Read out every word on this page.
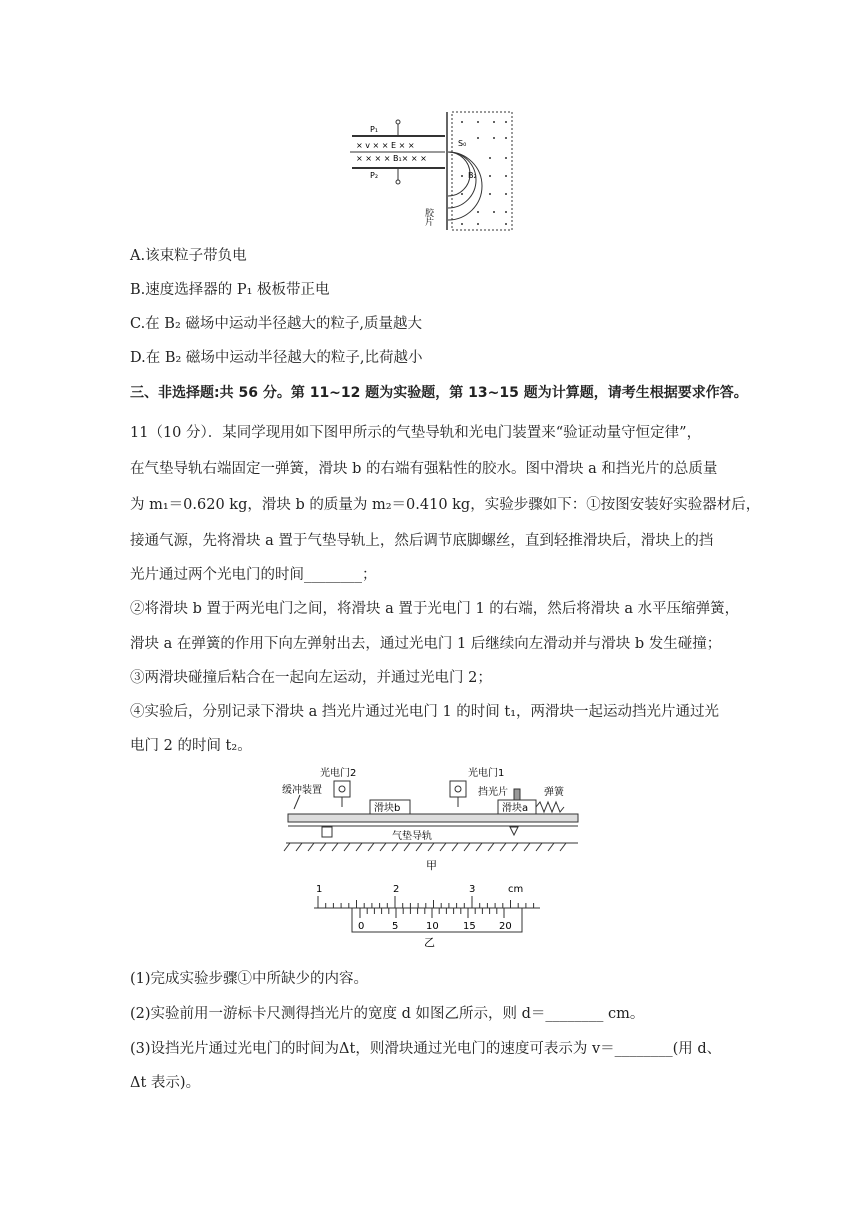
P₁
P₂
× v × × E × ×
× × × × B₁× × ×
S₀
B₂
胶片
A.该束粒子带负电
B.速度选择器的 P₁ 极板带正电
C.在 B₂ 磁场中运动半径越大的粒子,质量越大
D.在 B₂ 磁场中运动半径越大的粒子,比荷越小
三、非选择题:共 56 分。第 11~12 题为实验题，第 13~15 题为计算题，请考生根据要求作答。
11（10 分）．某同学现用如下图甲所示的气垫导轨和光电门装置来“验证动量守恒定律”，
在气垫导轨右端固定一弹簧，滑块 b 的右端有强粘性的胶水。图中滑块 a 和挡光片的总质量
为 m₁＝0.620 kg，滑块 b 的质量为 m₂＝0.410 kg，实验步骤如下：①按图安装好实验器材后，
接通气源，先将滑块 a 置于气垫导轨上，然后调节底脚螺丝，直到轻推滑块后，滑块上的挡
光片通过两个光电门的时间________；
②将滑块 b 置于两光电门之间，将滑块 a 置于光电门 1 的右端，然后将滑块 a 水平压缩弹簧，
滑块 a 在弹簧的作用下向左弹射出去，通过光电门 1 后继续向左滑动并与滑块 b 发生碰撞；
③两滑块碰撞后粘合在一起向左运动，并通过光电门 2；
④实验后，分别记录下滑块 a 挡光片通过光电门 1 的时间 t₁，两滑块一起运动挡光片通过光
电门 2 的时间 t₂。
光电门2	光电门1
缓冲装置	挡光片	弹簧
滑块b	滑块a
气垫导轨
甲
1	2	3	cm
0	5	10 15 20
乙
(1)完成实验步骤①中所缺少的内容。
(2)实验前用一游标卡尺测得挡光片的宽度 d 如图乙所示，则 d＝________ cm。
(3)设挡光片通过光电门的时间为Δt，则滑块通过光电门的速度可表示为 v＝________(用 d、
Δt 表示)。
